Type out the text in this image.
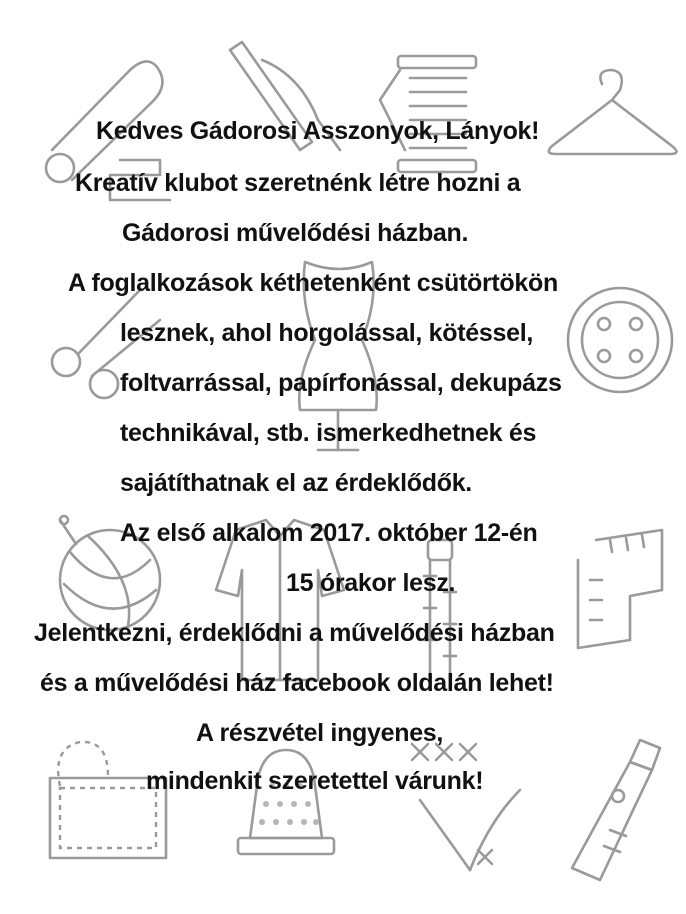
Kedves Gádorosi Asszonyok, Lányok!

Kreatív klubot szeretnénk létre hozni a

Gádorosi művelődési házban.

A foglalkozások kéthetenként csütörtökön

lesznek, ahol horgolással, kötéssel,

foltvarrással, papírfonással, dekupázs

technikával, stb. ismerkedhetnek és

sajátíthatnak el az érdeklődők.

Az első alkalom 2017. október 12-én

15 órakor lesz.

Jelentkezni, érdeklődni a művelődési házban

és a művelődési ház facebook oldalán lehet!

A részvétel ingyenes,

mindenkit szeretettel várunk!
